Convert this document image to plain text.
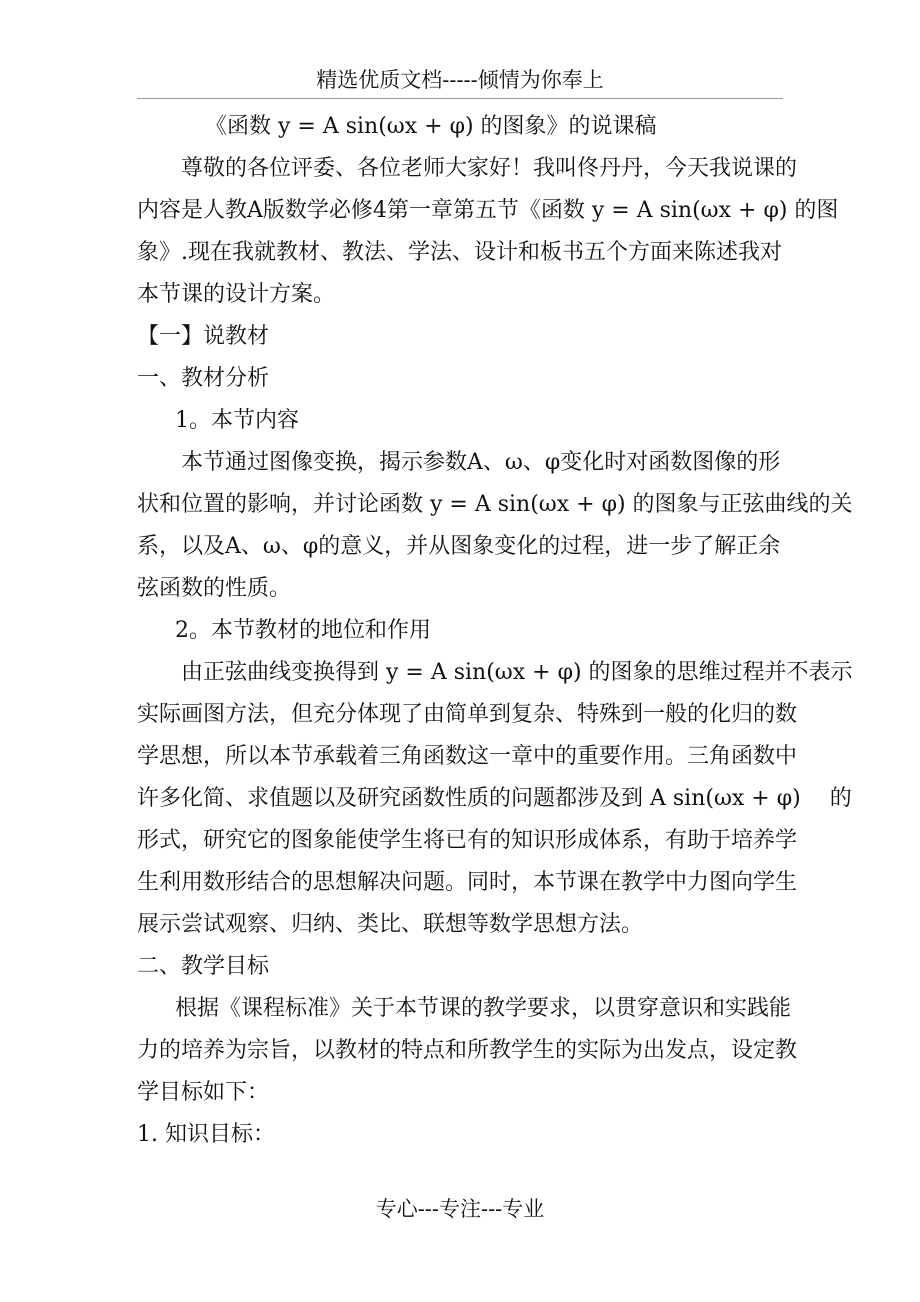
精选优质文档-----倾情为你奉上
《函数 y = A sin(ωx + φ) 的图象》的说课稿
尊敬的各位评委、各位老师大家好！我叫佟丹丹，今天我说课的
内容是人教A版数学必修4第一章第五节《函数 y = A sin(ωx + φ) 的图
象》.现在我就教材、教法、学法、设计和板书五个方面来陈述我对
本节课的设计方案。
【一】说教材
一、教材分析
1。本节内容
本节通过图像变换，揭示参数A、ω、φ变化时对函数图像的形
状和位置的影响，并讨论函数 y = A sin(ωx + φ) 的图象与正弦曲线的关
系，以及A、ω、φ的意义，并从图象变化的过程，进一步了解正余
弦函数的性质。
2。本节教材的地位和作用
由正弦曲线变换得到 y = A sin(ωx + φ) 的图象的思维过程并不表示
实际画图方法，但充分体现了由简单到复杂、特殊到一般的化归的数
学思想，所以本节承载着三角函数这一章中的重要作用。三角函数中
许多化简、求值题以及研究函数性质的问题都涉及到 A sin(ωx + φ)　 的
形式，研究它的图象能使学生将已有的知识形成体系，有助于培养学
生利用数形结合的思想解决问题。同时，本节课在教学中力图向学生
展示尝试观察、归纳、类比、联想等数学思想方法。
二、教学目标
根据《课程标准》关于本节课的教学要求，以贯穿意识和实践能
力的培养为宗旨，以教材的特点和所教学生的实际为出发点，设定教
学目标如下：
1. 知识目标：
专心---专注---专业
